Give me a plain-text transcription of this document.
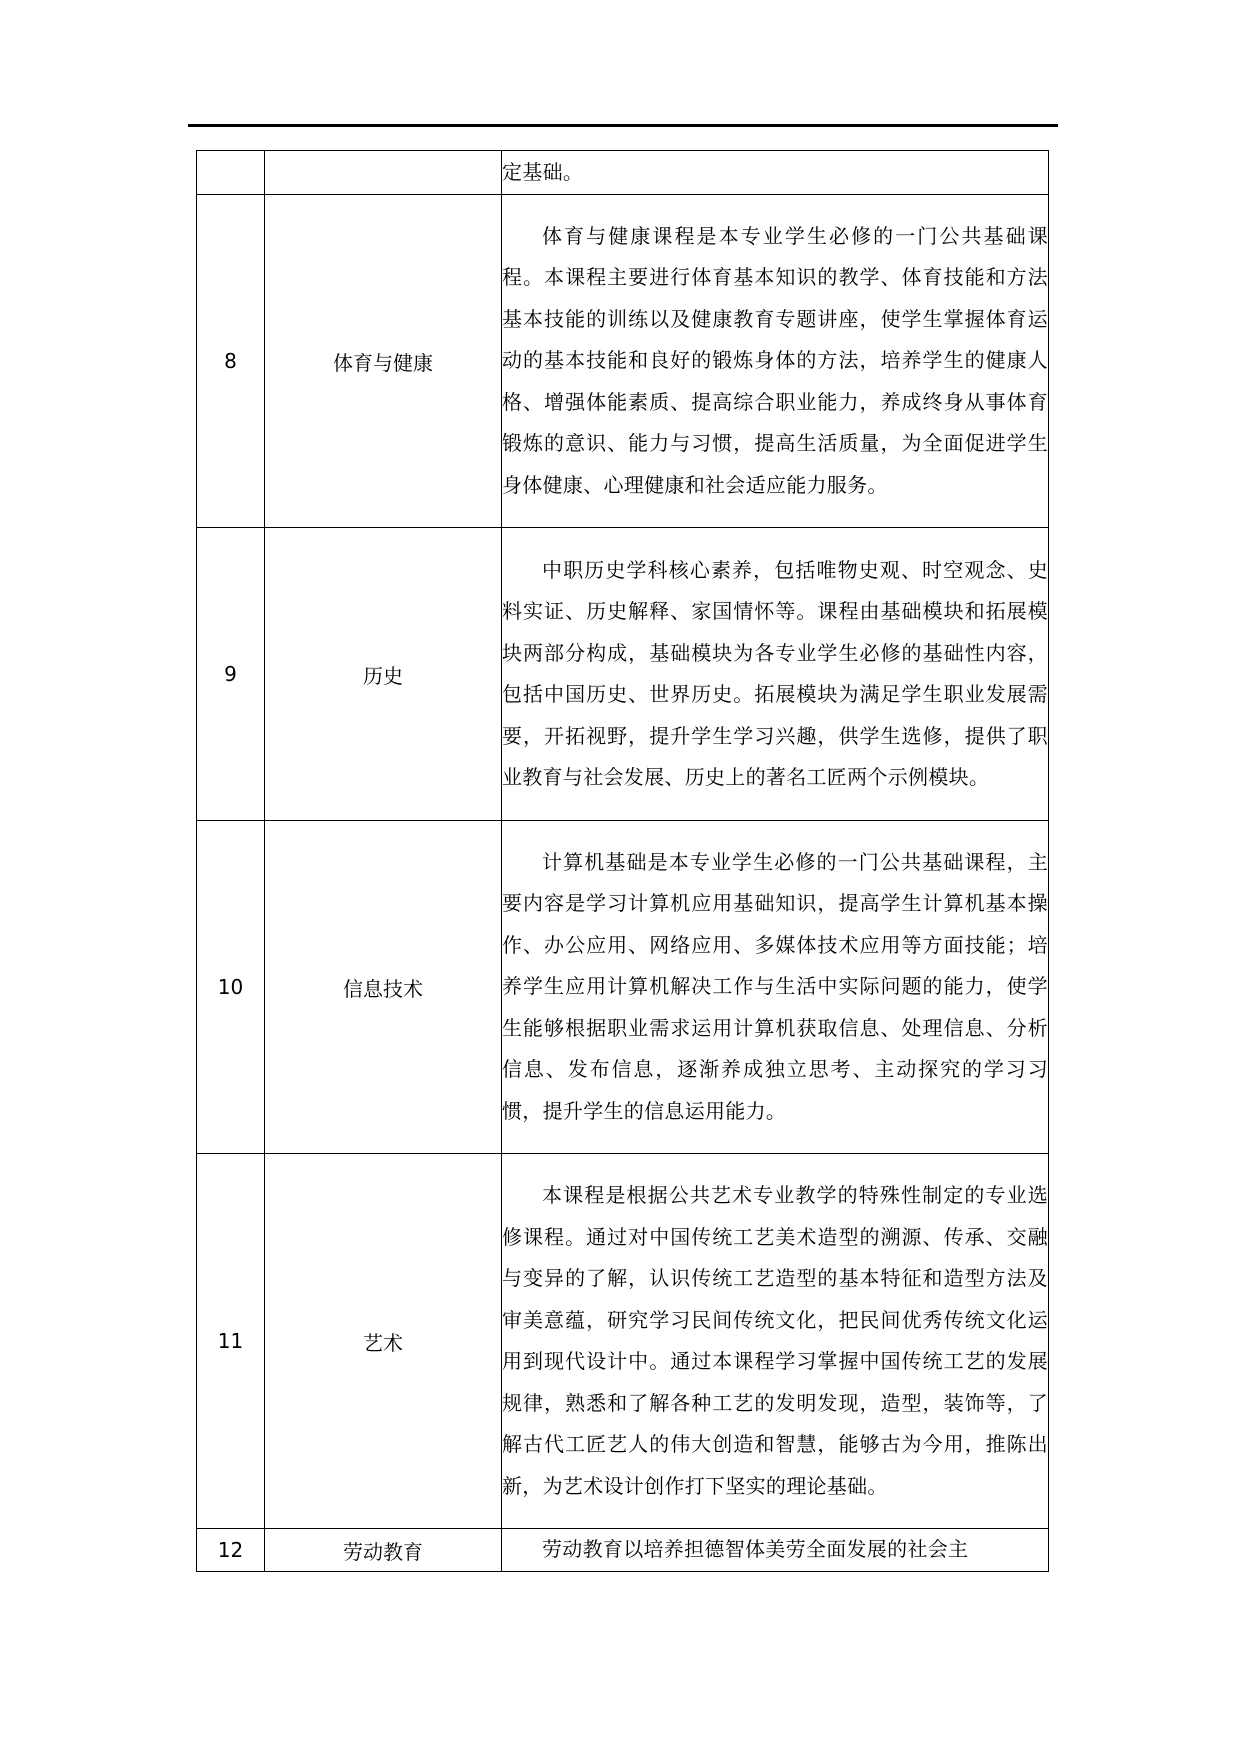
		定基础。

8	体育与健康	体育与健康课程是本专业学生必修的一门公共基础课程。本课程主要进行体育基本知识的教学、体育技能和方法基本技能的训练以及健康教育专题讲座，使学生掌握体育运动的基本技能和良好的锻炼身体的方法，培养学生的健康人格、增强体能素质、提高综合职业能力，养成终身从事体育锻炼的意识、能力与习惯，提高生活质量，为全面促进学生身体健康、心理健康和社会适应能力服务。

9	历史	中职历史学科核心素养，包括唯物史观、时空观念、史料实证、历史解释、家国情怀等。课程由基础模块和拓展模块两部分构成，基础模块为各专业学生必修的基础性内容，包括中国历史、世界历史。拓展模块为满足学生职业发展需要，开拓视野，提升学生学习兴趣，供学生选修，提供了职业教育与社会发展、历史上的著名工匠两个示例模块。

10	信息技术	计算机基础是本专业学生必修的一门公共基础课程，主要内容是学习计算机应用基础知识，提高学生计算机基本操作、办公应用、网络应用、多媒体技术应用等方面技能；培养学生应用计算机解决工作与生活中实际问题的能力，使学生能够根据职业需求运用计算机获取信息、处理信息、分析信息、发布信息，逐渐养成独立思考、主动探究的学习习惯，提升学生的信息运用能力。

11	艺术	本课程是根据公共艺术专业教学的特殊性制定的专业选修课程。通过对中国传统工艺美术造型的溯源、传承、交融与变异的了解，认识传统工艺造型的基本特征和造型方法及审美意蕴，研究学习民间传统文化，把民间优秀传统文化运用到现代设计中。通过本课程学习掌握中国传统工艺的发展规律，熟悉和了解各种工艺的发明发现，造型，装饰等，了解古代工匠艺人的伟大创造和智慧，能够古为今用，推陈出新，为艺术设计创作打下坚实的理论基础。

12	劳动教育	劳动教育以培养担德智体美劳全面发展的社会主
